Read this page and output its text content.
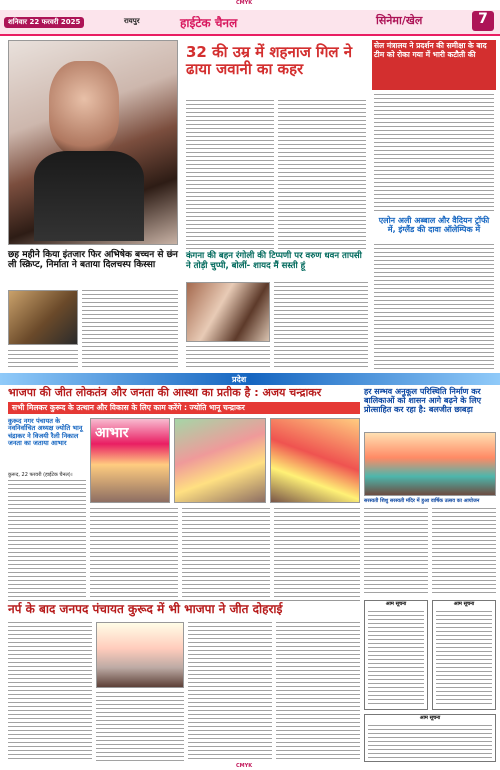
CMYK
शनिवार 22 फरवरी 2025	रायपुर	हाईटेक चैनल	सिनेमा/खेल	7
32 की उम्र में शहनाज गिल ने ढाया जवानी का कहर
सेल मंत्रालय ने प्रदर्शन की समीक्षा के बाद टीम को रोका गया में भारी कटौती की
एलोन अली अब्बाल और वैदियन ट्रॉफी में, इंग्लैंड की दावा ऑलेम्पिक में
छह महीने किया इंतजार फिर अभिषेक बच्चन से छंन ली स्क्रिप्ट, निर्माता ने बताया दिलचस्प किस्सा
कंगना की बहन रंगोली की टिप्पणी पर वरुण धवन तापसी ने तोड़ी चुप्पी, बोलीं- शायद मैं सस्ती हूं
प्रदेश
भाजपा की जीत लोकतंत्र और जनता की आस्था का प्रतीक है : अजय चन्द्राकर
सभी मिलकर कुरूद के उत्थान और विकास के लिए काम करेंगे : ज्योति भानू चन्द्राकर
कुरूद नगर पंचायत के नवनिर्वाचित अध्यक्ष ज्योति भानू चंद्राकर ने विजयी रैली निकाल जनता का जताया आभार
कुरूद, 22 फरवरी (हाईटेक चैनल)।
आभार
हर सम्भव अनुकूल परिस्थिति निर्माण कर बालिकाओं को शासन आगे बढ़ने के लिए प्रोत्साहित कर रहा है: बलजीत छाबड़ा
सरस्वती शिशु सरस्वती मंदिर में हुआ वार्षिक उत्सव का आयोजन
नर्प के बाद जनपद पंचायत कुरूद में भी भाजपा ने जीत दोहराई	आम सूचना	आम सूचना
आम सूचना
CMYK
